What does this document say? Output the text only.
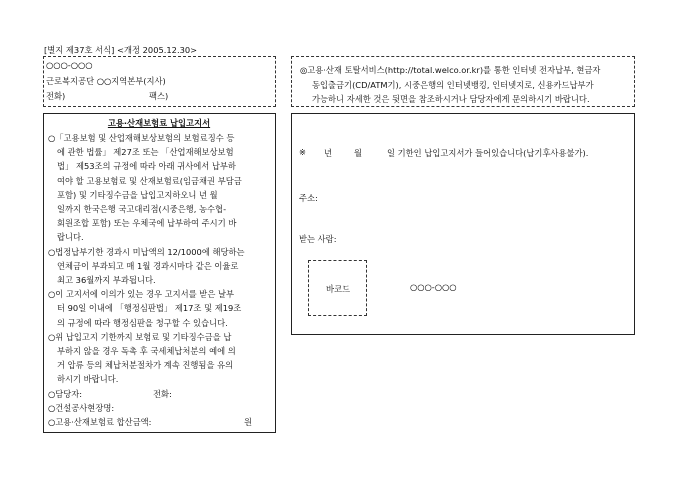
[별지 제37호 서식] <개정 2005.12.30>
○○○-○○○
근로복지공단 ○○지역본부(지사)
전화)	팩스)
고용·산재보험료 납입고지서

○「고용보험 및 산업재해보상보험의 보험료징수 등

에 관한 법률」 제27조 또는 「산업재해보상보험

법」 제53조의 규정에 따라 아래 귀사에서 납부하

여야 할 고용보험료 및 산재보험료(임금채권 부담금

포함) 및 기타징수금을 납입고지하오니 년 월

일까지 한국은행 국고대리점(시중은행, 농수협-

회원조합 포함) 또는 우체국에 납부하여 주시기 바

랍니다.

○법정납부기한 경과시 미납액의 12/1000에 해당하는

연체금이 부과되고 매 1월 경과시마다 같은 이율로

최고 36월까지 부과됩니다.

○이 고지서에 이의가 있는 경우 고지서를 받은 날부

터 90일 이내에 「행정심판법」 제17조 및 제19조

의 규정에 따라 행정심판을 청구할 수 있습니다.

○위 납입고지 기한까지 보험료 및 기타징수금을 납

부하지 않을 경우 독촉 후 국세체납처분의 예에 의

거 압류 등의 체납처분절차가 계속 진행됨을 유의

하시기 바랍니다.

○담당자:	전화:

○건설공사현장명:

○고용·산재보험료 합산금액:	원

◎고용·산재 토탈서비스(http://total.welco.or.kr)를 통한 인터넷 전자납부, 현금자

동입출금기(CD/ATM기), 시중은행의 인터넷뱅킹, 인터넷지로, 신용카드납부가

가능하니 자세한 것은 뒷면을 참조하시거나 담당자에게 문의하시기 바랍니다.

※ 년	월	일 기한인 납입고지서가 들어있습니다(납기후사용불가).
주소:
받는 사람:
바코드	○○○-○○○
